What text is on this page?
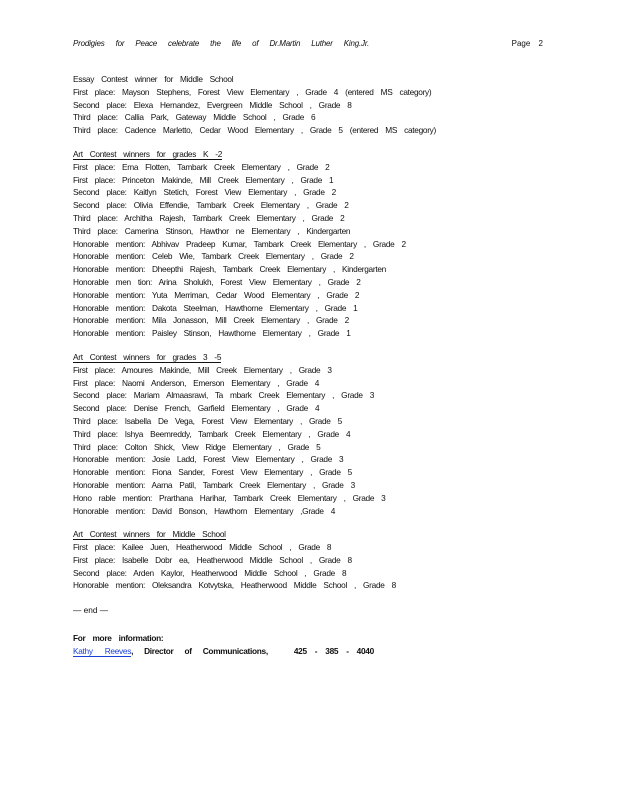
Prodigies for Peace celebrate the life of Dr.Martin Luther King.Jr.	Page 2
Essay Contest winner for Middle School
First place: Mayson Stephens, Forest View Elementary , Grade 4 (entered MS category)
Second place: Elexa Hernandez, Evergreen Middle School , Grade 8
Third place: Callia Park, Gateway Middle School , Grade 6
Third place: Cadence Marletto, Cedar Wood Elementary , Grade 5 (entered MS category)
Art Contest winners for grades K -2
First place: Ema Flotten, Tambark Creek Elementary , Grade 2
First place: Princeton Makinde, Mill Creek Elementary , Grade 1
Second place: Kaitlyn Stetich, Forest View Elementary , Grade 2
Second place: Olivia Effendie, Tambark Creek Elementary , Grade 2
Third place: Architha Rajesh, Tambark Creek Elementary , Grade 2
Third place: Camerina Stinson, Hawthor ne Elementary , Kindergarten
Honorable mention: Abhivav Pradeep Kumar, Tambark Creek Elementary , Grade 2
Honorable mention: Celeb Wie, Tambark Creek Elementary , Grade 2
Honorable mention: Dheepthi Rajesh, Tambark Creek Elementary , Kindergarten
Honorable men tion: Arina Sholukh, Forest View Elementary , Grade 2
Honorable mention: Yuta Merriman, Cedar Wood Elementary , Grade 2
Honorable mention: Dakota Steelman, Hawthorne Elementary , Grade 1
Honorable mention: Mila Jonasson, Mill Creek Elementary , Grade 2
Honorable mention: Paisley Stinson, Hawthorne Elementary , Grade 1
Art Contest winners for grades 3 -5
First place: Amoures Makinde, Mill Creek Elementary , Grade 3
First place: Naomi Anderson, Emerson Elementary , Grade 4
Second place: Mariam Almaasrawi, Ta mbark Creek Elementary , Grade 3
Second place: Denise French, Garfield Elementary , Grade 4
Third place: Isabella De Vega, Forest View Elementary , Grade 5
Third place: Ishya Beemreddy, Tambark Creek Elementary , Grade 4
Third place: Colton Shick, View Ridge Elementary , Grade 5
Honorable mention: Josie Ladd, Forest View Elementary , Grade 3
Honorable mention: Fiona Sander, Forest View Elementary , Grade 5
Honorable mention: Aarna Patil, Tambark Creek Elementary , Grade 3
Hono rable mention: Prarthana Harihar, Tambark Creek Elementary , Grade 3
Honorable mention: David Bonson, Hawthorn Elementary ,Grade 4
Art Contest winners for Middle School
First place: Kailee Juen, Heatherwood Middle School , Grade 8
First place: Isabelle Dobr ea, Heatherwood Middle School , Grade 8
Second place: Arden Kaylor, Heatherwood Middle School , Grade 8
Honorable mention: Oleksandra Kotvytska, Heatherwood Middle School , Grade 8
— end —
For more information:
Kathy Reeves, Director of Communications,	425 - 385 - 4040
